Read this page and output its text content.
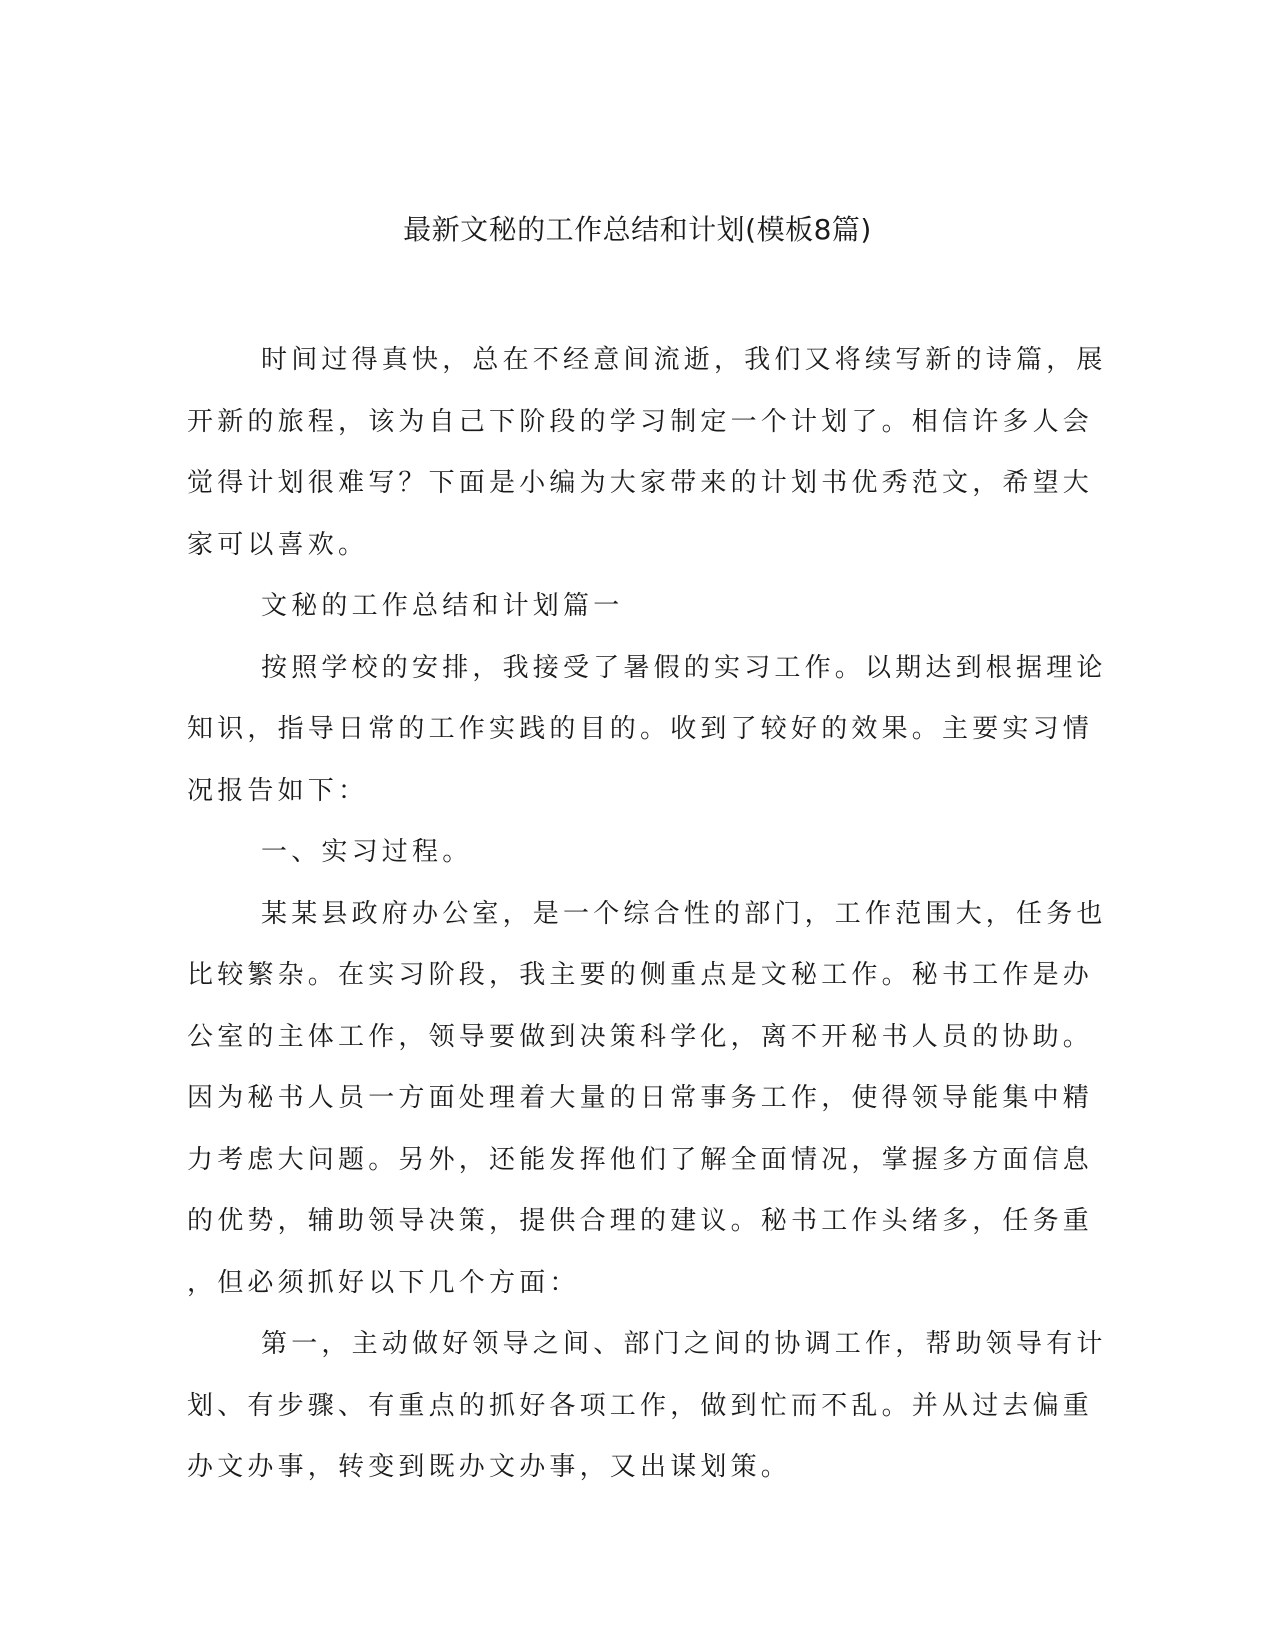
最新文秘的工作总结和计划(模板8篇)
时间过得真快，总在不经意间流逝，我们又将续写新的诗篇，展
开新的旅程，该为自己下阶段的学习制定一个计划了。相信许多人会
觉得计划很难写？下面是小编为大家带来的计划书优秀范文，希望大
家可以喜欢。
文秘的工作总结和计划篇一
按照学校的安排，我接受了暑假的实习工作。以期达到根据理论
知识，指导日常的工作实践的目的。收到了较好的效果。主要实习情
况报告如下：
一、实习过程。
某某县政府办公室，是一个综合性的部门，工作范围大，任务也
比较繁杂。在实习阶段，我主要的侧重点是文秘工作。秘书工作是办
公室的主体工作，领导要做到决策科学化，离不开秘书人员的协助。
因为秘书人员一方面处理着大量的日常事务工作，使得领导能集中精
力考虑大问题。另外，还能发挥他们了解全面情况，掌握多方面信息
的优势，辅助领导决策，提供合理的建议。秘书工作头绪多，任务重
，但必须抓好以下几个方面：
第一，主动做好领导之间、部门之间的协调工作，帮助领导有计
划、有步骤、有重点的抓好各项工作，做到忙而不乱。并从过去偏重
办文办事，转变到既办文办事，又出谋划策。
